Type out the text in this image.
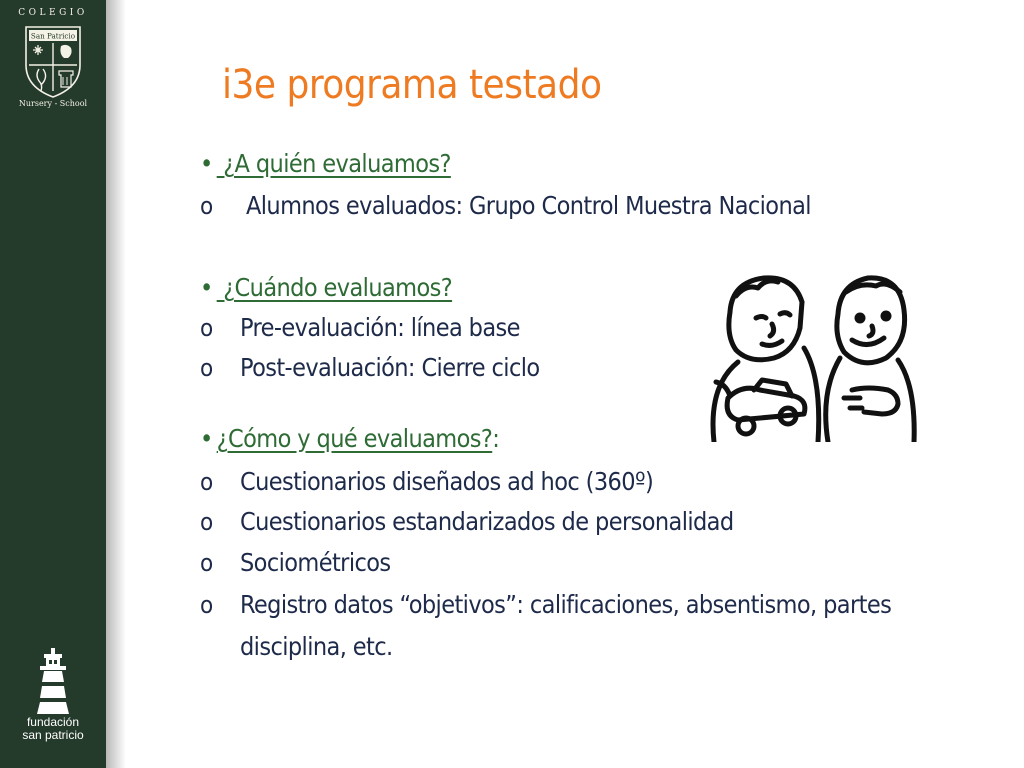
COLEGIO
San Patricio
Nursery - School
fundación
san patricio
i3e programa testado
• ¿A quién evaluamos?
o Alumnos evaluados: Grupo Control Muestra Nacional
• ¿Cuándo evaluamos?
o Pre-evaluación: línea base
o Post-evaluación: Cierre ciclo
• ¿Cómo y qué evaluamos?:
o Cuestionarios diseñados ad hoc (360º)
o Cuestionarios estandarizados de personalidad
o Sociométricos
o Registro datos “objetivos”: calificaciones, absentismo, partes
disciplina, etc.
